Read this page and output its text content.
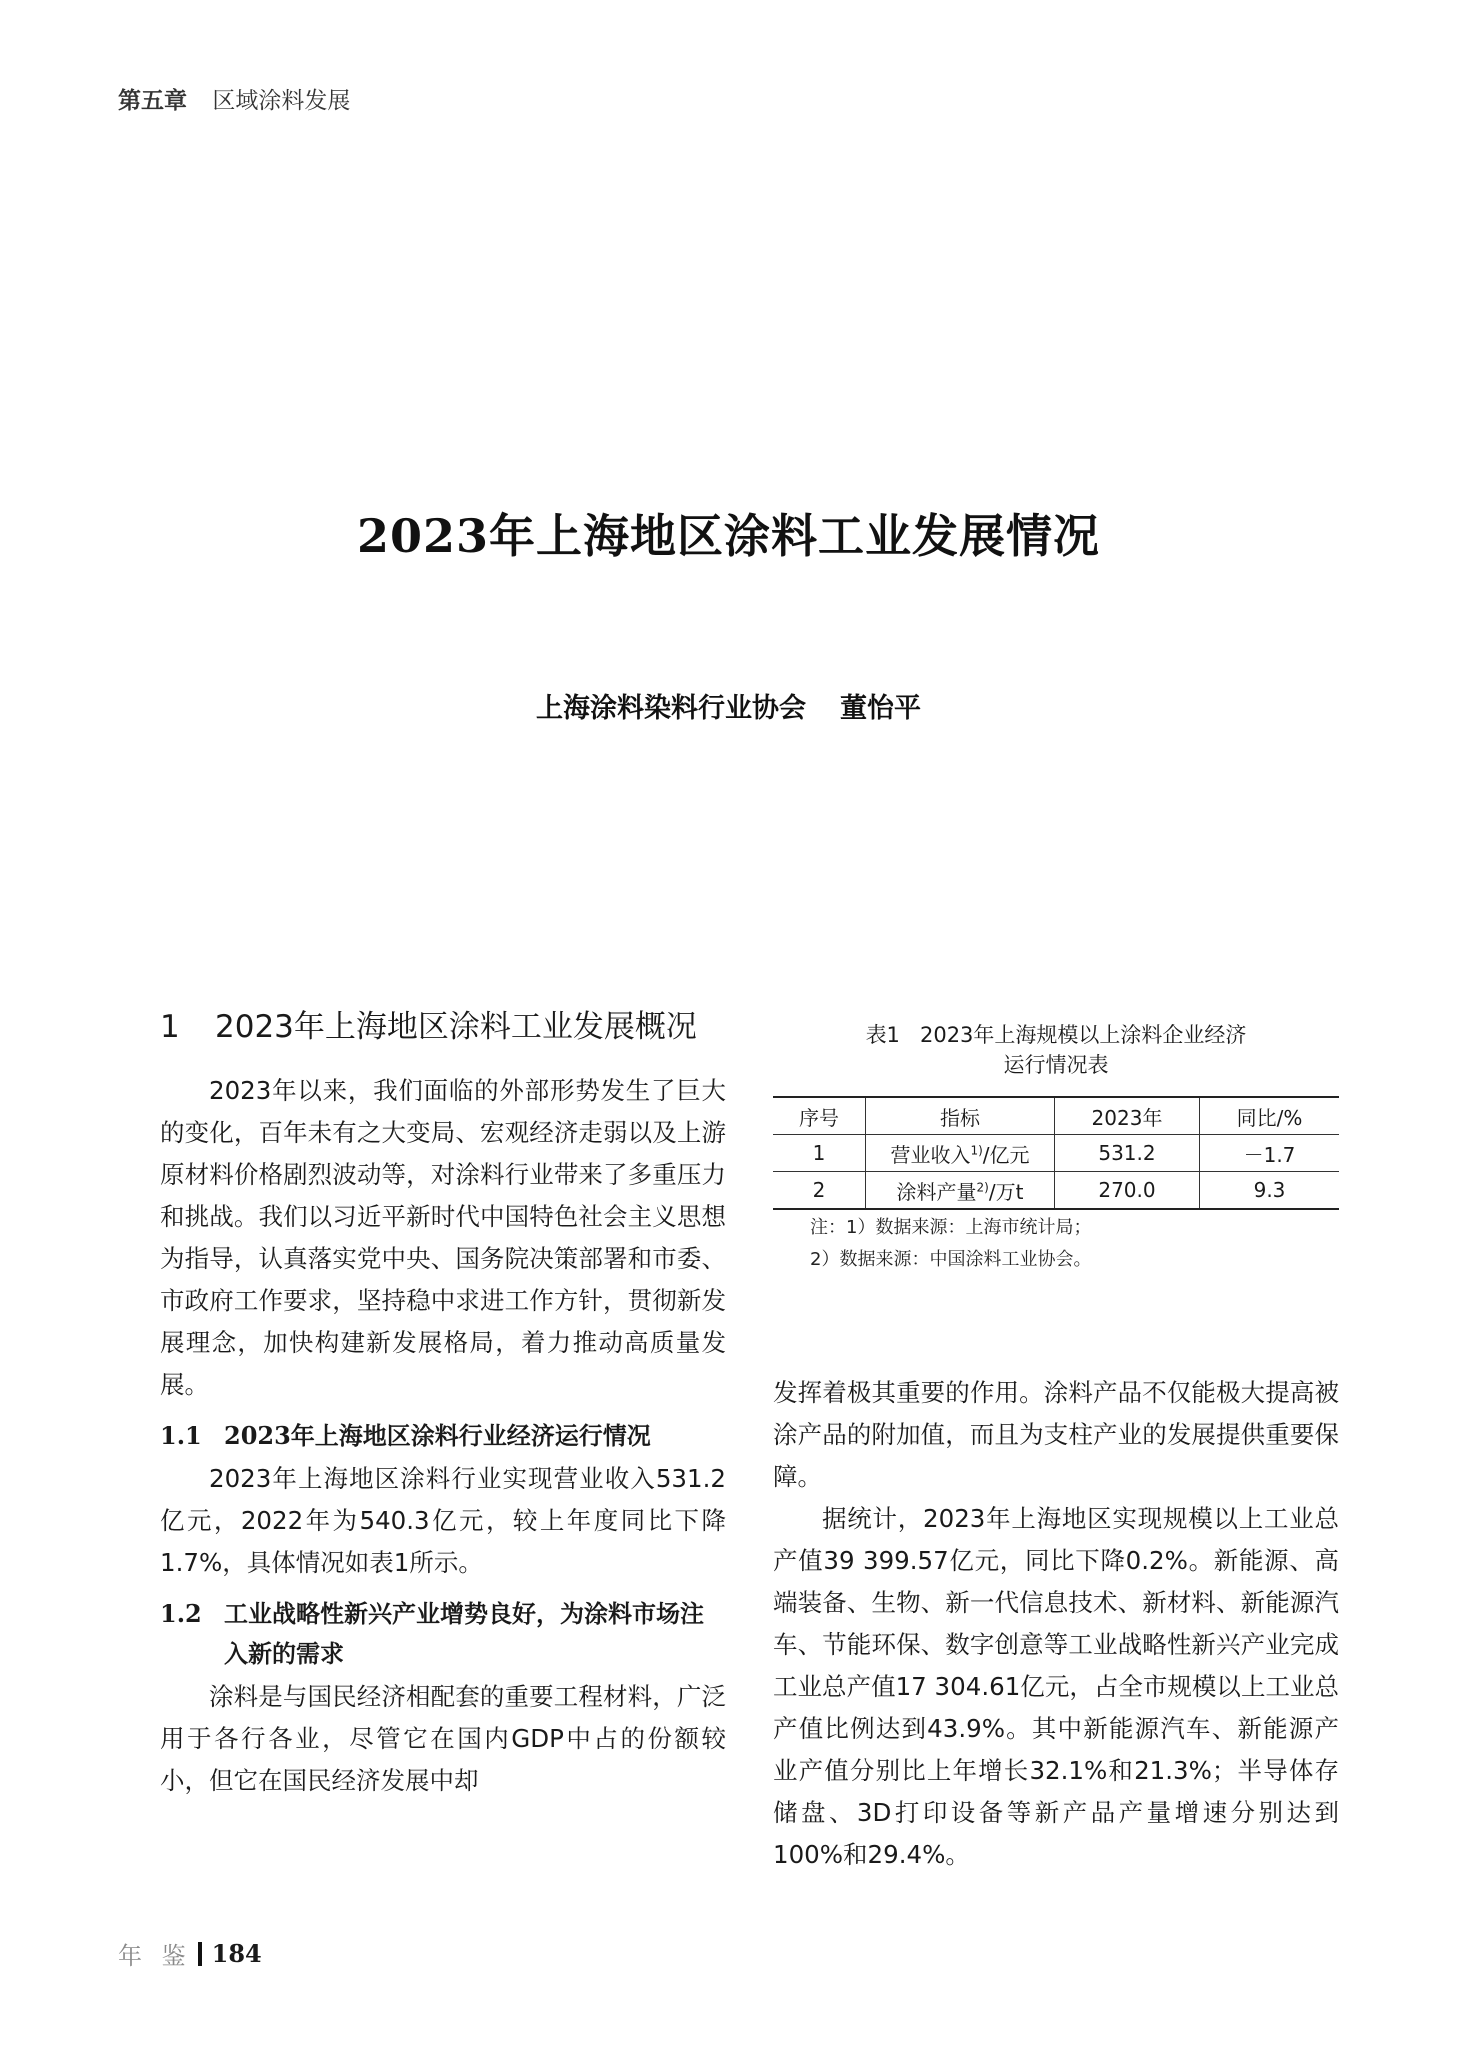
第五章 区域涂料发展
2023年上海地区涂料工业发展情况
上海涂料染料行业协会 董怡平
1	2023年上海地区涂料工业发展概况

2023年以来，我们面临的外部形势发生了巨大的变化，百年未有之大变局、宏观经济走弱以及上游原材料价格剧烈波动等，对涂料行业带来了多重压力和挑战。我们以习近平新时代中国特色社会主义思想为指导，认真落实党中央、国务院决策部署和市委、市政府工作要求，坚持稳中求进工作方针，贯彻新发展理念，加快构建新发展格局，着力推动高质量发展。

1.1 2023年上海地区涂料行业经济运行情况

2023年上海地区涂料行业实现营业收入531.2亿元，2022年为540.3亿元，较上年度同比下降1.7%，具体情况如表1所示。

1.2 工业战略性新兴产业增势良好，为涂料市场注入新的需求

涂料是与国民经济相配套的重要工程材料，广泛用于各行各业，尽管它在国内GDP中占的份额较小，但它在国民经济发展中却

表1 2023年上海规模以上涂料企业经济
运行情况表
序号	指标	2023年	同比/%
1	营业收入$^{1)}$/亿元	531.2	－1.7
2	涂料产量$^{2)}$/万t	270.0	9.3
注：1）数据来源：上海市统计局；
2）数据来源：中国涂料工业协会。

发挥着极其重要的作用。涂料产品不仅能极大提高被涂产品的附加值，而且为支柱产业的发展提供重要保障。

据统计，2023年上海地区实现规模以上工业总产值39 399.57亿元，同比下降0.2%。新能源、高端装备、生物、新一代信息技术、新材料、新能源汽车、节能环保、数字创意等工业战略性新兴产业完成工业总产值17 304.61亿元，占全市规模以上工业总产值比例达到43.9%。其中新能源汽车、新能源产业产值分别比上年增长32.1%和21.3%；半导体存储盘、3D打印设备等新产品产量增速分别达到100%和29.4%。

年 鉴 184
